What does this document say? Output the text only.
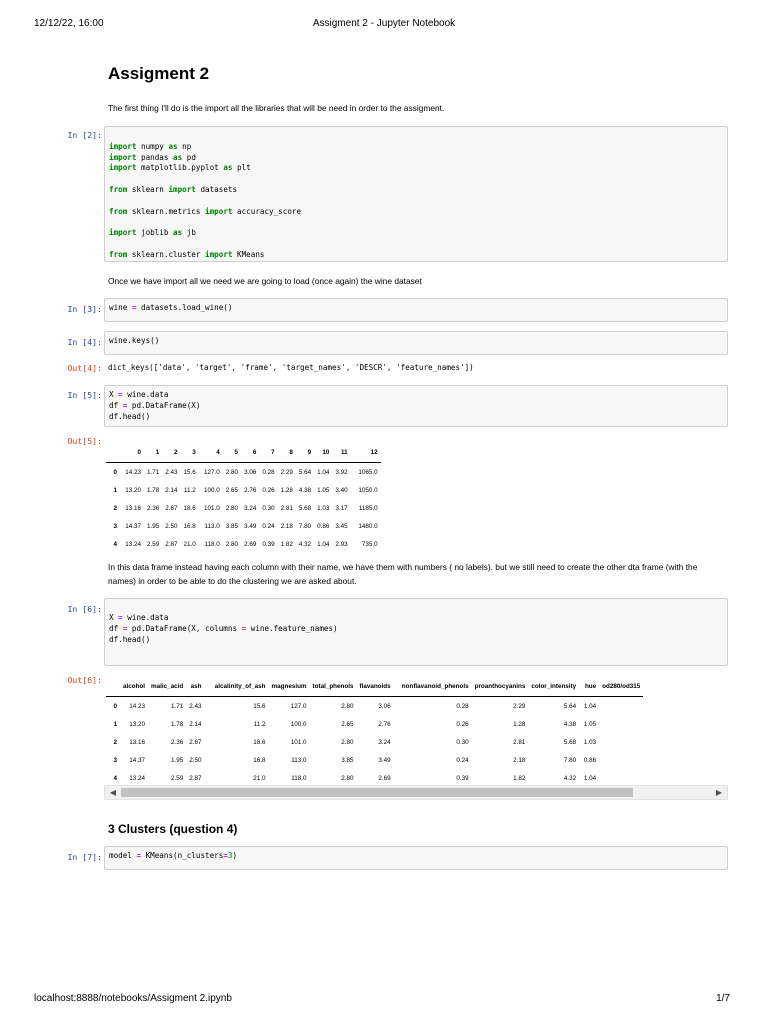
12/12/22, 16:00	Assigment 2 - Jupyter Notebook
Assigment 2
The first thing I'll do is the import all the libraries that will be need in order to the assigment.
In [2]:

import numpy as np
import pandas as pd
import matplotlib.pyplot as plt
from sklearn import datasets
from sklearn.metrics import accuracy_score
import joblib as jb
from sklearn.cluster import KMeans
Once we have import all we need we are going to load (once again) the wine dataset
In [3]: wine = datasets.load_wine()
In [4]: wine.keys()
Out[4]: dict_keys(['data', 'target', 'frame', 'target_names', 'DESCR', 'feature_names'])
In [5]: X = wine.data
df = pd.DataFrame(X)
df.head()
Out[5]:
	0	1	2	3	4	5	6	7	8	9	10	11	12
0	14.23	1.71	2.43	15.6	127.0	2.80	3.06	0.28	2.29	5.64	1.04	3.92	1065.0
1	13.20	1.78	2.14	11.2	100.0	2.65	2.76	0.26	1.28	4.38	1.05	3.40	1050.0
2	13.16	2.36	2.67	18.6	101.0	2.80	3.24	0.30	2.81	5.68	1.03	3.17	1185.0
3	14.37	1.95	2.50	16.8	113.0	3.85	3.49	0.24	2.18	7.80	0.86	3.45	1480.0
4	13.24	2.59	2.87	21.0	118.0	2.80	2.69	0.39	1.82	4.32	1.04	2.93	735.0
In this data frame instead having each column with their name, we have them with numbers ( no labels). but we still need to create the other dta frame (with the names) in order to be able to do the clustering we are asked about.
In [6]:
X = wine.data
df = pd.DataFrame(X, columns = wine.feature_names)
df.head()
Out[6]:
	alcohol	malic_acid	ash	alcalinity_of_ash	magnesium	total_phenols	flavanoids	nonflavanoid_phenols	proanthocyanins	color_intensity	hue	od280/od315
0	14.23	1.71	2.43	15.6	127.0	2.80	3.06	0.28	2.29	5.64	1.04	
1	13.20	1.78	2.14	11.2	100.0	2.65	2.76	0.26	1.28	4.38	1.05	
2	13.16	2.36	2.67	18.6	101.0	2.80	3.24	0.30	2.81	5.68	1.03	
3	14.37	1.95	2.50	16.8	113.0	3.85	3.49	0.24	2.18	7.80	0.86	
4	13.24	2.59	2.87	21.0	118.0	2.80	2.69	0.39	1.82	4.32	1.04	
◀	▶
3 Clusters (question 4)
In [7]: model = KMeans(n_clusters=3)
localhost:8888/notebooks/Assigment 2.ipynb	1/7
